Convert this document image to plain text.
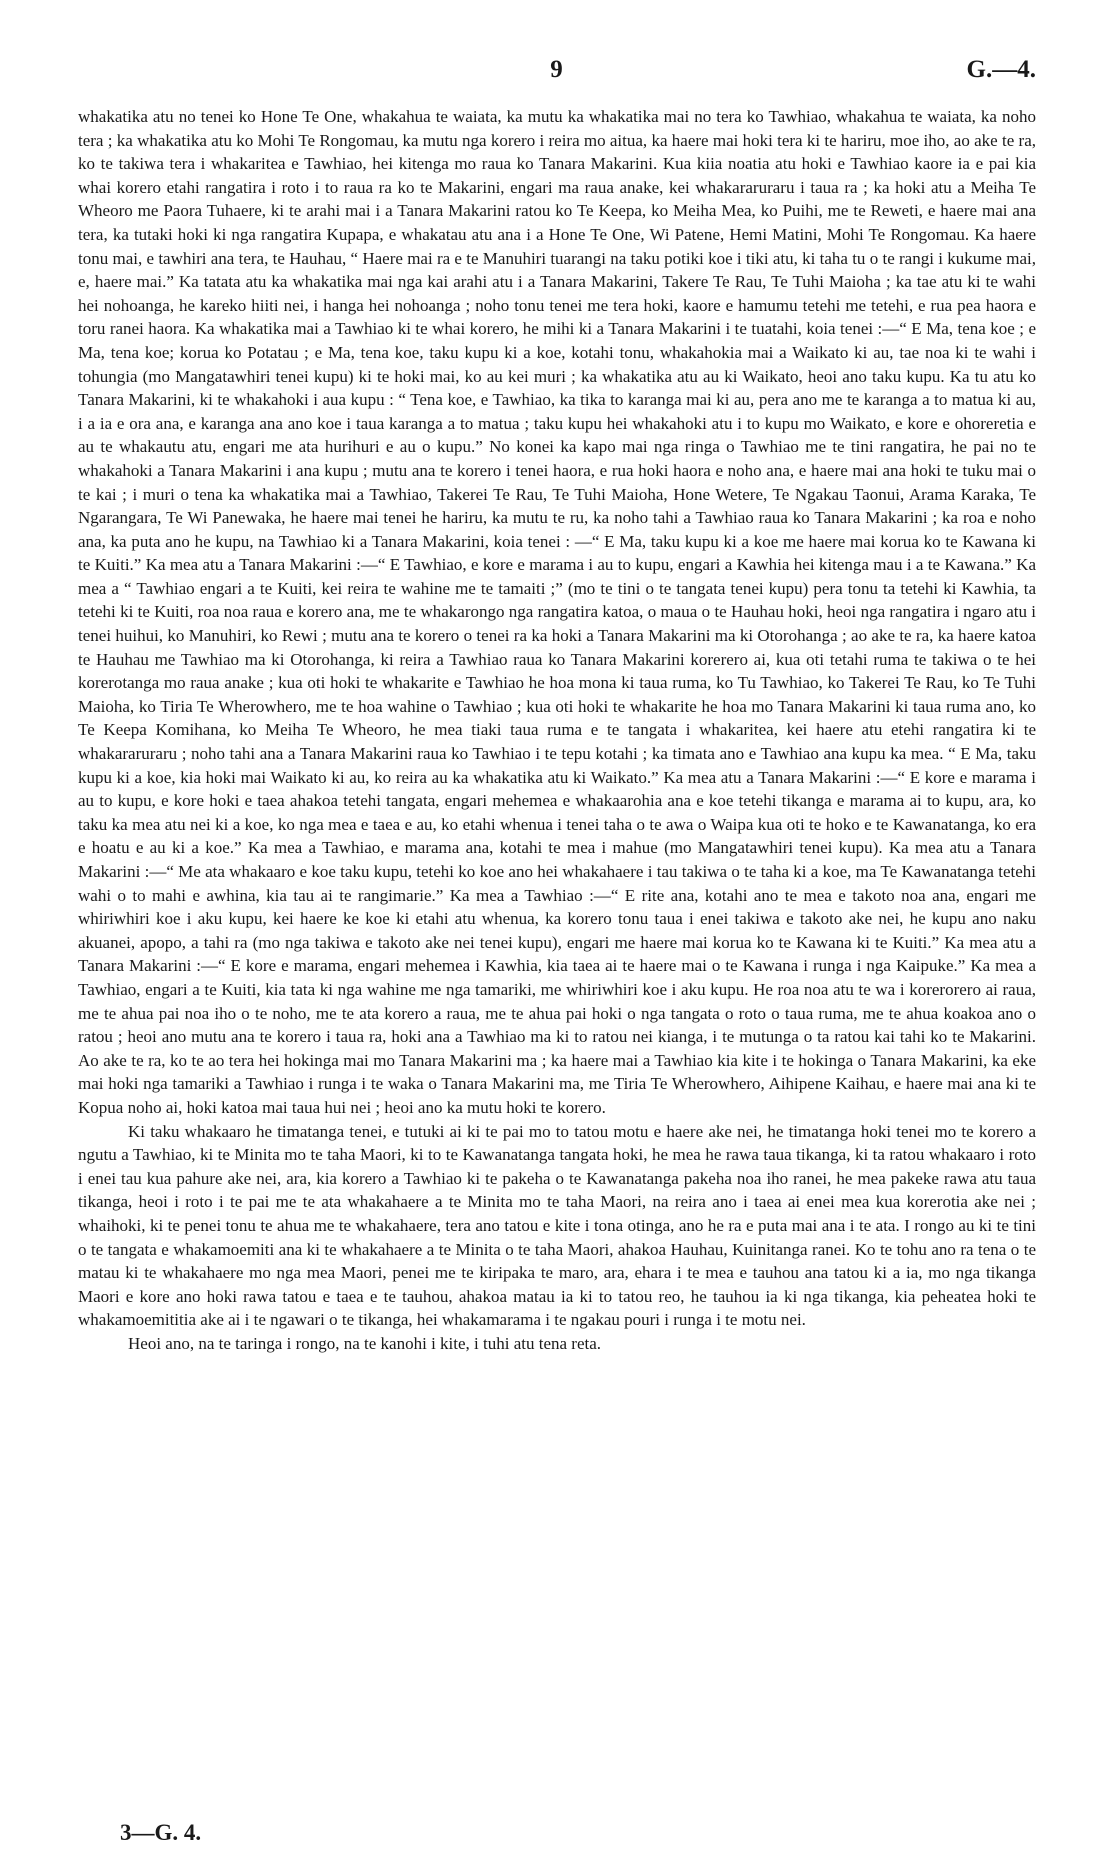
9	G.—4.

whakatika atu no tenei ko Hone Te One, whakahua te waiata, ka mutu ka whakatika mai no tera ko Tawhiao, whakahua te waiata, ka noho tera ; ka whakatika atu ko Mohi Te Rongomau, ka mutu nga korero i reira mo aitua, ka haere mai hoki tera ki te hariru, moe iho, ao ake te ra, ko te takiwa tera i whakaritea e Tawhiao, hei kitenga mo raua ko Tanara Makarini. Kua kiia noatia atu hoki e Tawhiao kaore ia e pai kia whai korero etahi rangatira i roto i to raua ra ko te Makarini, engari ma raua anake, kei whakararuraru i taua ra ; ka hoki atu a Meiha Te Wheoro me Paora Tuhaere, ki te arahi mai i a Tanara Makarini ratou ko Te Keepa, ko Meiha Mea, ko Puihi, me te Reweti, e haere mai ana tera, ka tutaki hoki ki nga rangatira Kupapa, e whakatau atu ana i a Hone Te One, Wi Patene, Hemi Matini, Mohi Te Rongomau. Ka haere tonu mai, e tawhiri ana tera, te Hauhau, “ Haere mai ra e te Manuhiri tuarangi na taku potiki koe i tiki atu, ki taha tu o te rangi i kukume mai, e, haere mai.” Ka tatata atu ka whakatika mai nga kai arahi atu i a Tanara Makarini, Takere Te Rau, Te Tuhi Maioha ; ka tae atu ki te wahi hei nohoanga, he kareko hiiti nei, i hanga hei nohoanga ; noho tonu tenei me tera hoki, kaore e hamumu tetehi me tetehi, e rua pea haora e toru ranei haora. Ka whakatika mai a Tawhiao ki te whai korero, he mihi ki a Tanara Makarini i te tuatahi, koia tenei :—“ E Ma, tena koe ; e Ma, tena koe; korua ko Potatau ; e Ma, tena koe, taku kupu ki a koe, kotahi tonu, whakahokia mai a Waikato ki au, tae noa ki te wahi i tohungia (mo Mangatawhiri tenei kupu) ki te hoki mai, ko au kei muri ; ka whakatika atu au ki Waikato, heoi ano taku kupu. Ka tu atu ko Tanara Makarini, ki te whakahoki i aua kupu : “ Tena koe, e Tawhiao, ka tika to karanga mai ki au, pera ano me te karanga a to matua ki au, i a ia e ora ana, e karanga ana ano koe i taua karanga a to matua ; taku kupu hei whakahoki atu i to kupu mo Waikato, e kore e ohoreretia e au te whakautu atu, engari me ata hurihuri e au o kupu.” No konei ka kapo mai nga ringa o Tawhiao me te tini rangatira, he pai no te whakahoki a Tanara Makarini i ana kupu ; mutu ana te korero i tenei haora, e rua hoki haora e noho ana, e haere mai ana hoki te tuku mai o te kai ; i muri o tena ka whakatika mai a Tawhiao, Takerei Te Rau, Te Tuhi Maioha, Hone Wetere, Te Ngakau Taonui, Arama Karaka, Te Ngarangara, Te Wi Panewaka, he haere mai tenei he hariru, ka mutu te ru, ka noho tahi a Tawhiao raua ko Tanara Makarini ; ka roa e noho ana, ka puta ano he kupu, na Tawhiao ki a Tanara Makarini, koia tenei : —“ E Ma, taku kupu ki a koe me haere mai korua ko te Kawana ki te Kuiti.” Ka mea atu a Tanara Makarini :—“ E Tawhiao, e kore e marama i au to kupu, engari a Kawhia hei kitenga mau i a te Kawana.” Ka mea a “ Tawhiao engari a te Kuiti, kei reira te wahine me te tamaiti ;” (mo te tini o te tangata tenei kupu) pera tonu ta tetehi ki Kawhia, ta tetehi ki te Kuiti, roa noa raua e korero ana, me te whakarongo nga rangatira katoa, o maua o te Hauhau hoki, heoi nga rangatira i ngaro atu i tenei huihui, ko Manuhiri, ko Rewi ; mutu ana te korero o tenei ra ka hoki a Tanara Makarini ma ki Otorohanga ; ao ake te ra, ka haere katoa te Hauhau me Tawhiao ma ki Otorohanga, ki reira a Tawhiao raua ko Tanara Makarini korerero ai, kua oti tetahi ruma te takiwa o te hei korerotanga mo raua anake ; kua oti hoki te whakarite e Tawhiao he hoa mona ki taua ruma, ko Tu Tawhiao, ko Takerei Te Rau, ko Te Tuhi Maioha, ko Tiria Te Wherowhero, me te hoa wahine o Tawhiao ; kua oti hoki te whakarite he hoa mo Tanara Makarini ki taua ruma ano, ko Te Keepa Komihana, ko Meiha Te Wheoro, he mea tiaki taua ruma e te tangata i whakaritea, kei haere atu etehi rangatira ki te whakararuraru ; noho tahi ana a Tanara Makarini raua ko Tawhiao i te tepu kotahi ; ka timata ano e Tawhiao ana kupu ka mea. “ E Ma, taku kupu ki a koe, kia hoki mai Waikato ki au, ko reira au ka whakatika atu ki Waikato.” Ka mea atu a Tanara Makarini :—“ E kore e marama i au to kupu, e kore hoki e taea ahakoa tetehi tangata, engari mehemea e whakaarohia ana e koe tetehi tikanga e marama ai to kupu, ara, ko taku ka mea atu nei ki a koe, ko nga mea e taea e au, ko etahi whenua i tenei taha o te awa o Waipa kua oti te hoko e te Kawanatanga, ko era e hoatu e au ki a koe.” Ka mea a Tawhiao, e marama ana, kotahi te mea i mahue (mo Mangatawhiri tenei kupu). Ka mea atu a Tanara Makarini :—“ Me ata whakaaro e koe taku kupu, tetehi ko koe ano hei whakahaere i tau takiwa o te taha ki a koe, ma Te Kawanatanga tetehi wahi o to mahi e awhina, kia tau ai te rangimarie.” Ka mea a Tawhiao :—“ E rite ana, kotahi ano te mea e takoto noa ana, engari me whiriwhiri koe i aku kupu, kei haere ke koe ki etahi atu whenua, ka korero tonu taua i enei takiwa e takoto ake nei, he kupu ano naku akuanei, apopo, a tahi ra (mo nga takiwa e takoto ake nei tenei kupu), engari me haere mai korua ko te Kawana ki te Kuiti.” Ka mea atu a Tanara Makarini :—“ E kore e marama, engari mehemea i Kawhia, kia taea ai te haere mai o te Kawana i runga i nga Kaipuke.” Ka mea a Tawhiao, engari a te Kuiti, kia tata ki nga wahine me nga tamariki, me whiriwhiri koe i aku kupu. He roa noa atu te wa i korerorero ai raua, me te ahua pai noa iho o te noho, me te ata korero a raua, me te ahua pai hoki o nga tangata o roto o taua ruma, me te ahua koakoa ano o ratou ; heoi ano mutu ana te korero i taua ra, hoki ana a Tawhiao ma ki to ratou nei kianga, i te mutunga o ta ratou kai tahi ko te Makarini. Ao ake te ra, ko te ao tera hei hokinga mai mo Tanara Makarini ma ; ka haere mai a Tawhiao kia kite i te hokinga o Tanara Makarini, ka eke mai hoki nga tamariki a Tawhiao i runga i te waka o Tanara Makarini ma, me Tiria Te Wherowhero, Aihipene Kaihau, e haere mai ana ki te Kopua noho ai, hoki katoa mai taua hui nei ; heoi ano ka mutu hoki te korero.

Ki taku whakaaro he timatanga tenei, e tutuki ai ki te pai mo to tatou motu e haere ake nei, he timatanga hoki tenei mo te korero a ngutu a Tawhiao, ki te Minita mo te taha Maori, ki to te Kawanatanga tangata hoki, he mea he rawa taua tikanga, ki ta ratou whakaaro i roto i enei tau kua pahure ake nei, ara, kia korero a Tawhiao ki te pakeha o te Kawanatanga pakeha noa iho ranei, he mea pakeke rawa atu taua tikanga, heoi i roto i te pai me te ata whakahaere a te Minita mo te taha Maori, na reira ano i taea ai enei mea kua korerotia ake nei ; whaihoki, ki te penei tonu te ahua me te whakahaere, tera ano tatou e kite i tona otinga, ano he ra e puta mai ana i te ata. I rongo au ki te tini o te tangata e whakamoemiti ana ki te whakahaere a te Minita o te taha Maori, ahakoa Hauhau, Kuinitanga ranei. Ko te tohu ano ra tena o te matau ki te whakahaere mo nga mea Maori, penei me te kiripaka te maro, ara, ehara i te mea e tauhou ana tatou ki a ia, mo nga tikanga Maori e kore ano hoki rawa tatou e taea e te tauhou, ahakoa matau ia ki to tatou reo, he tauhou ia ki nga tikanga, kia peheatea hoki te whakamoemititia ake ai i te ngawari o te tikanga, hei whakamarama i te ngakau pouri i runga i te motu nei.

Heoi ano, na te taringa i rongo, na te kanohi i kite, i tuhi atu tena reta.

3—G. 4.
